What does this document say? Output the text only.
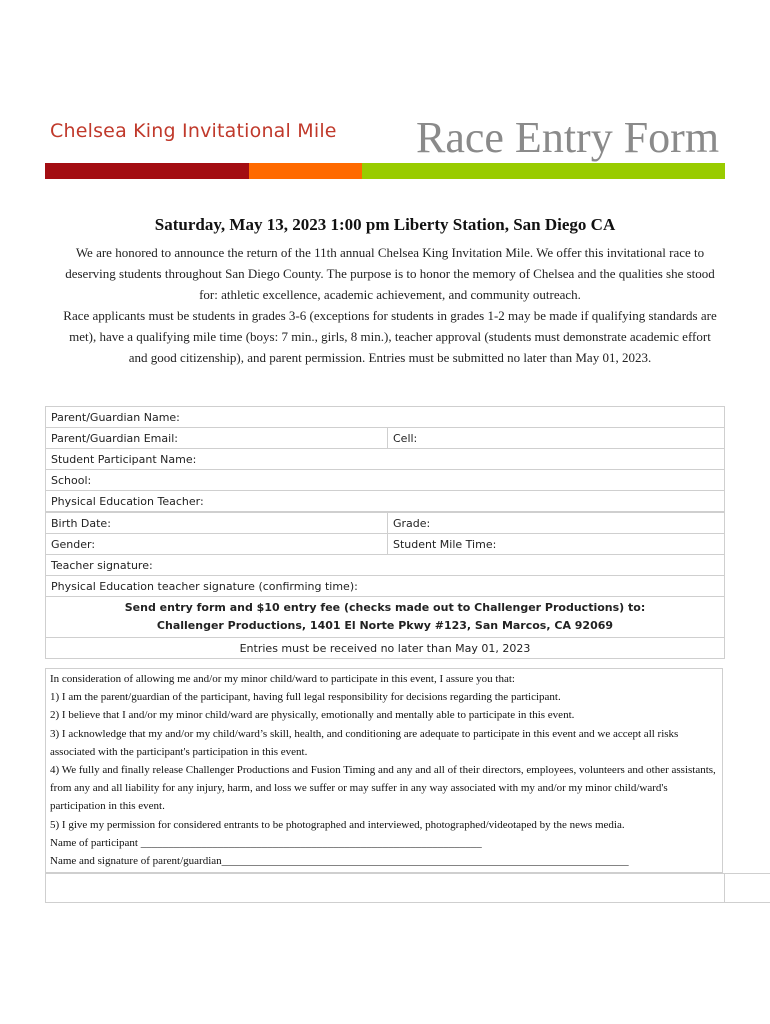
Chelsea King Invitational Mile Race Entry Form
Saturday, May 13, 2023 1:00 pm Liberty Station, San Diego CA

We are honored to announce the return of the 11th annual Chelsea King Invitation Mile. We offer this invitational race to deserving students throughout San Diego County. The purpose is to honor the memory of Chelsea and the qualities she stood for: athletic excellence, academic achievement, and community outreach.

Race applicants must be students in grades 3-6 (exceptions for students in grades 1-2 may be made if qualifying standards are met), have a qualifying mile time (boys: 7 min., girls, 8 min.), teacher approval (students must demonstrate academic effort and good citizenship), and parent permission. Entries must be submitted no later than May 01, 2023.

Parent/Guardian Name:	
Parent/Guardian Email:	Cell:
Student Participant Name:	
School:	
Physical Education Teacher:	
Birth Date:	Grade:
Gender:	Student Mile Time:
Teacher signature:	
Physical Education teacher signature (confirming time):	

Send entry form and $10 entry fee (checks made out to Challenger Productions) to:
Challenger Productions, 1401 El Norte Pkwy #123, San Marcos, CA 92069	

Entries must be received no later than May 01, 2023	
In consideration of allowing me and/or my minor child/ward to participate in this event, I assure you that:
1) I am the parent/guardian of the participant, having full legal responsibility for decisions regarding the participant.
2) I believe that I and/or my minor child/ward are physically, emotionally and mentally able to participate in this event.
3) I acknowledge that my and/or my child/ward’s skill, health, and conditioning are adequate to participate in this event and we accept all risks associated with the participant's participation in this event.
4) We fully and finally release Challenger Productions and Fusion Timing and any and all of their directors, employees, volunteers and other assistants, from any and all liability for any injury, harm, and loss we suffer or may suffer in any way associated with my and/or my minor child/ward's participation in this event.
5) I give my permission for considered entrants to be photographed and interviewed, photographed/videotaped by the news media.
Name of participant ______________________________________________________________
Name and signature of parent/guardian__________________________________________________________________________
